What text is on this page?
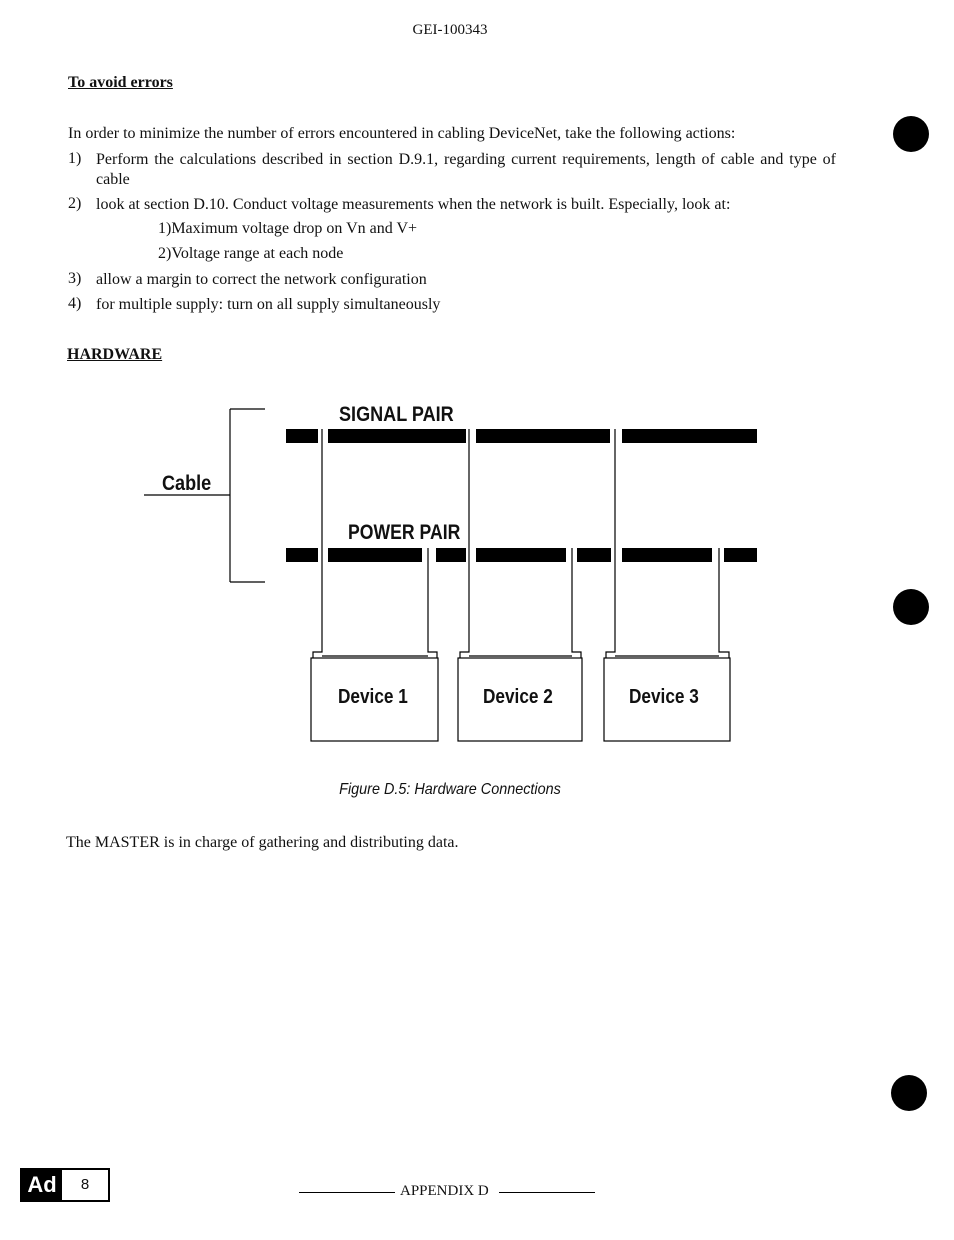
GEI-100343
To avoid errors
In order to minimize the number of errors encountered in cabling DeviceNet, take the following actions:
1) Perform the calculations described in section D.9.1, regarding current requirements, length of cable and type of cable
2) look at section D.10. Conduct voltage measurements when the network is built. Especially, look at:
1)Maximum voltage drop on Vn and V+
2)Voltage range at each node
3) allow a margin to correct the network configuration
4) for multiple supply: turn on all supply simultaneously
HARDWARE
Cable
SIGNAL PAIR
POWER PAIR
Device 1	Device 2	Device 3
Figure D.5: Hardware Connections
The MASTER is in charge of gathering and distributing data.
Ad	8	APPENDIX D
